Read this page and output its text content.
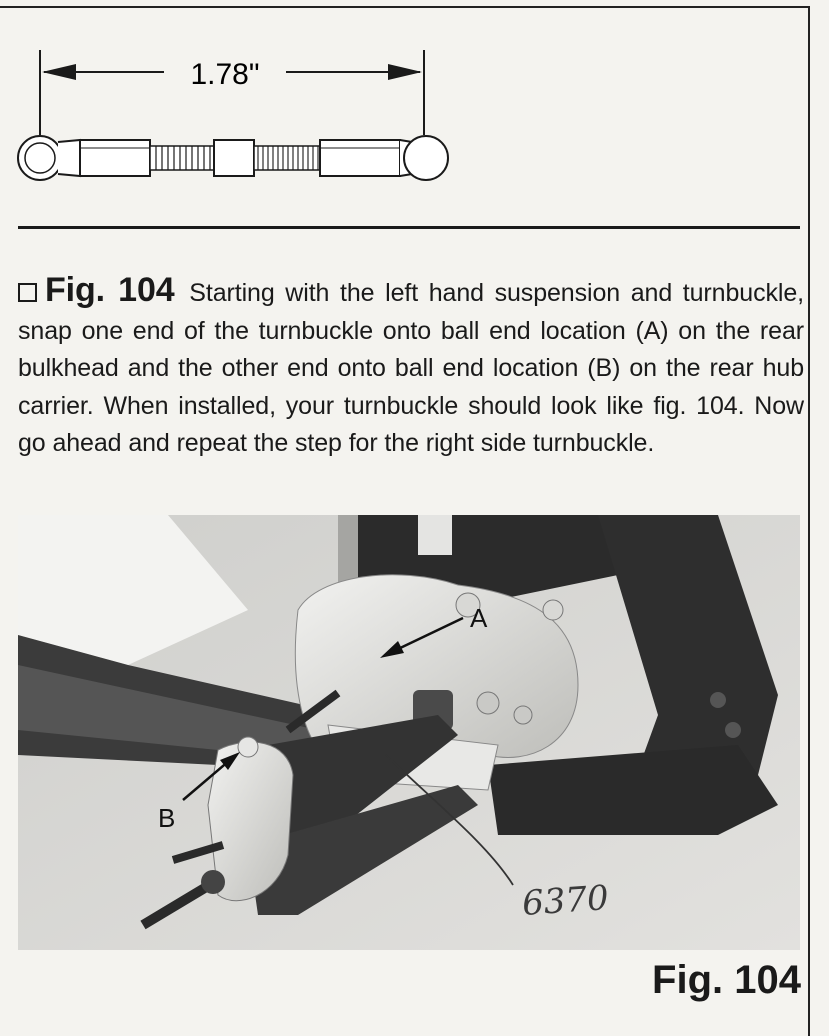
1.78"
Fig. 104 Starting with the left hand suspension and turnbuckle, snap one end of the turnbuckle onto ball end location (A) on the rear bulkhead and the other end onto ball end location (B) on the rear hub carrier. When installed, your turnbuckle should look like fig. 104. Now go ahead and repeat the step for the right side turnbuckle.
A
B
6370
Fig. 104
